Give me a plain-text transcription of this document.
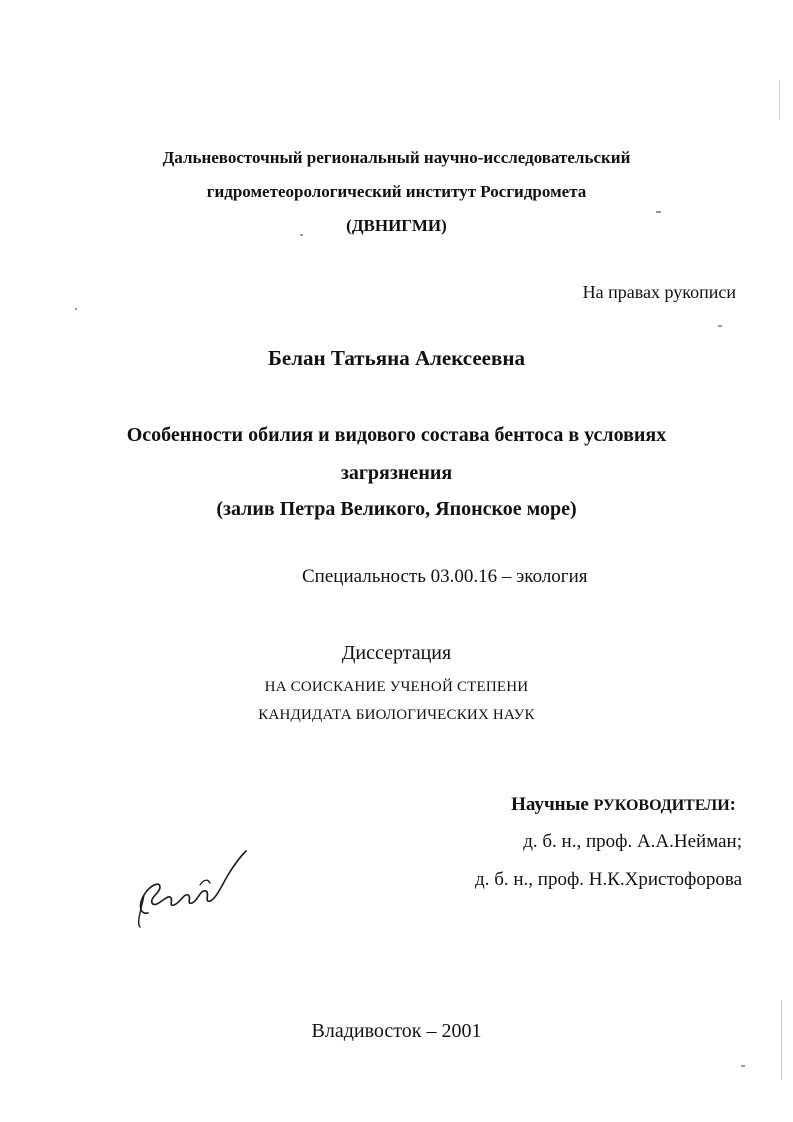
Дальневосточный региональный научно-исследовательский
гидрометеорологический институт Росгидромета
(ДВНИГМИ)
На правах рукописи
Белан Татьяна Алексеевна
Особенности обилия и видового состава бентоса в условиях
загрязнения
(залив Петра Великого, Японское море)
Специальность 03.00.16 – экология
Диссертация
НА СОИСКАНИЕ УЧЕНОЙ СТЕПЕНИ
КАНДИДАТА БИОЛОГИЧЕСКИХ НАУК
Научные РУКОВОДИТЕЛИ:
д. б. н., проф. А.А.Нейман;
д. б. н., проф. Н.К.Христофорова
Владивосток – 2001
